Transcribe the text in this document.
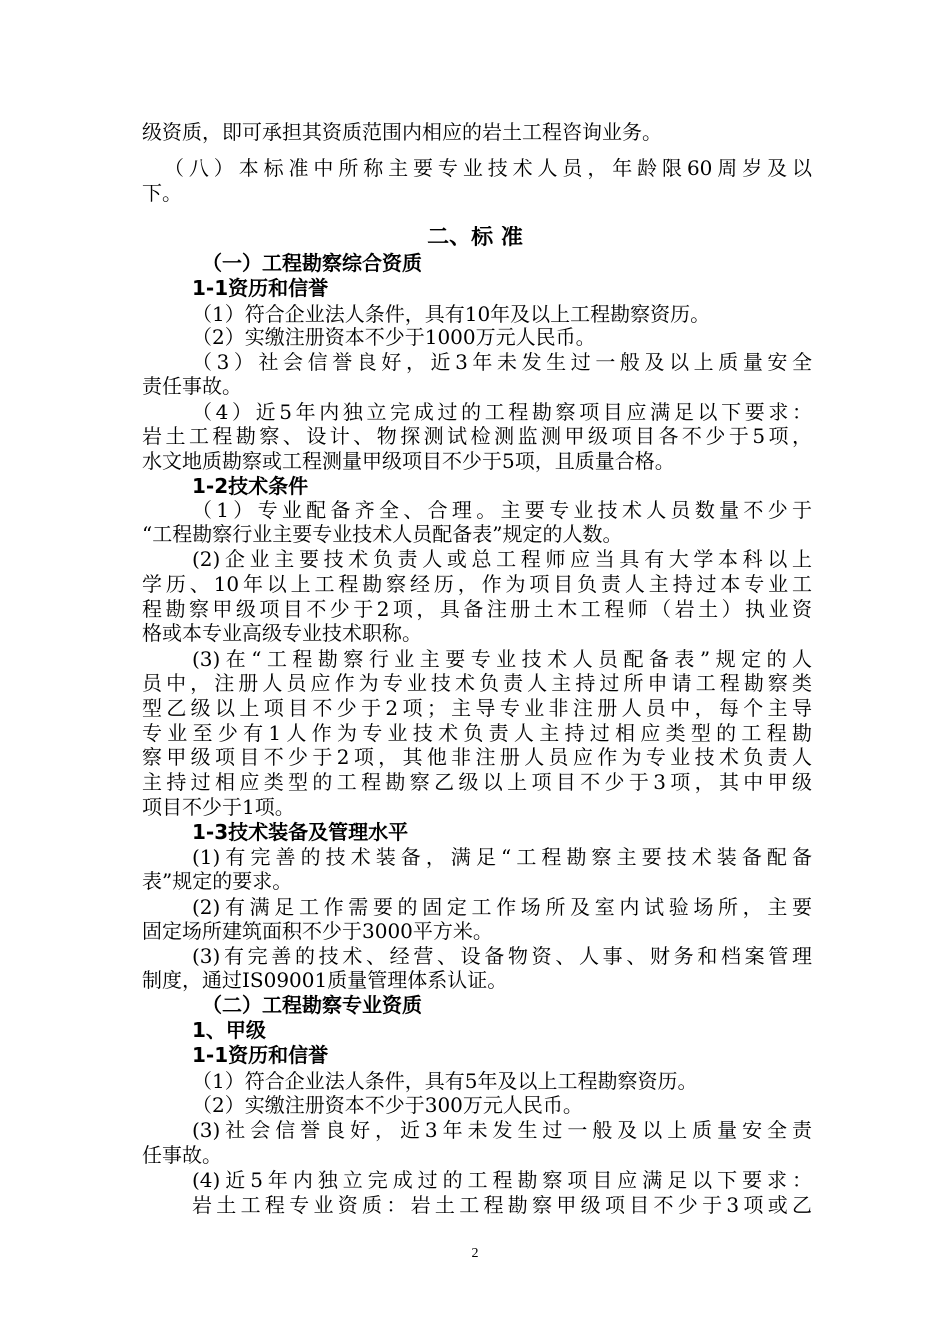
二、标 准
级资质，即可承担其资质范围内相应的岩土工程咨询业务。
（八）本标准中所称主要专业技术人员，年龄限60周岁及以
下。
（一）工程勘察综合资质
1-1资历和信誉
（1）符合企业法人条件，具有10年及以上工程勘察资历。
（2）实缴注册资本不少于1000万元人民币。
（3）社会信誉良好，近3年未发生过一般及以上质量安全
责任事故。
（4）近5年内独立完成过的工程勘察项目应满足以下要求：
岩土工程勘察、设计、物探测试检测监测甲级项目各不少于5项，
水文地质勘察或工程测量甲级项目不少于5项，且质量合格。
1-2技术条件
（1）专业配备齐全、合理。主要专业技术人员数量不少于
“工程勘察行业主要专业技术人员配备表”规定的人数。
(2)企业主要技术负责人或总工程师应当具有大学本科以上
学历、10年以上工程勘察经历，作为项目负责人主持过本专业工
程勘察甲级项目不少于2项，具备注册土木工程师（岩土）执业资
格或本专业高级专业技术职称。
(3)在“工程勘察行业主要专业技术人员配备表”规定的人
员中，注册人员应作为专业技术负责人主持过所申请工程勘察类
型乙级以上项目不少于2项；主导专业非注册人员中，每个主导
专业至少有1人作为专业技术负责人主持过相应类型的工程勘
察甲级项目不少于2项，其他非注册人员应作为专业技术负责人
主持过相应类型的工程勘察乙级以上项目不少于3项，其中甲级
项目不少于1项。
1-3技术装备及管理水平
(1)有完善的技术装备，满足“工程勘察主要技术装备配备
表”规定的要求。
(2)有满足工作需要的固定工作场所及室内试验场所，主要
固定场所建筑面积不少于3000平方米。
(3)有完善的技术、经营、设备物资、人事、财务和档案管理
制度，通过IS09001质量管理体系认证。
（二）工程勘察专业资质
1、甲级
1-1资历和信誉
（1）符合企业法人条件，具有5年及以上工程勘察资历。
（2）实缴注册资本不少于300万元人民币。
(3)社会信誉良好，近3年未发生过一般及以上质量安全责
任事故。
(4)近5年内独立完成过的工程勘察项目应满足以下要求：
岩土工程专业资质：岩土工程勘察甲级项目不少于3项或乙
2
